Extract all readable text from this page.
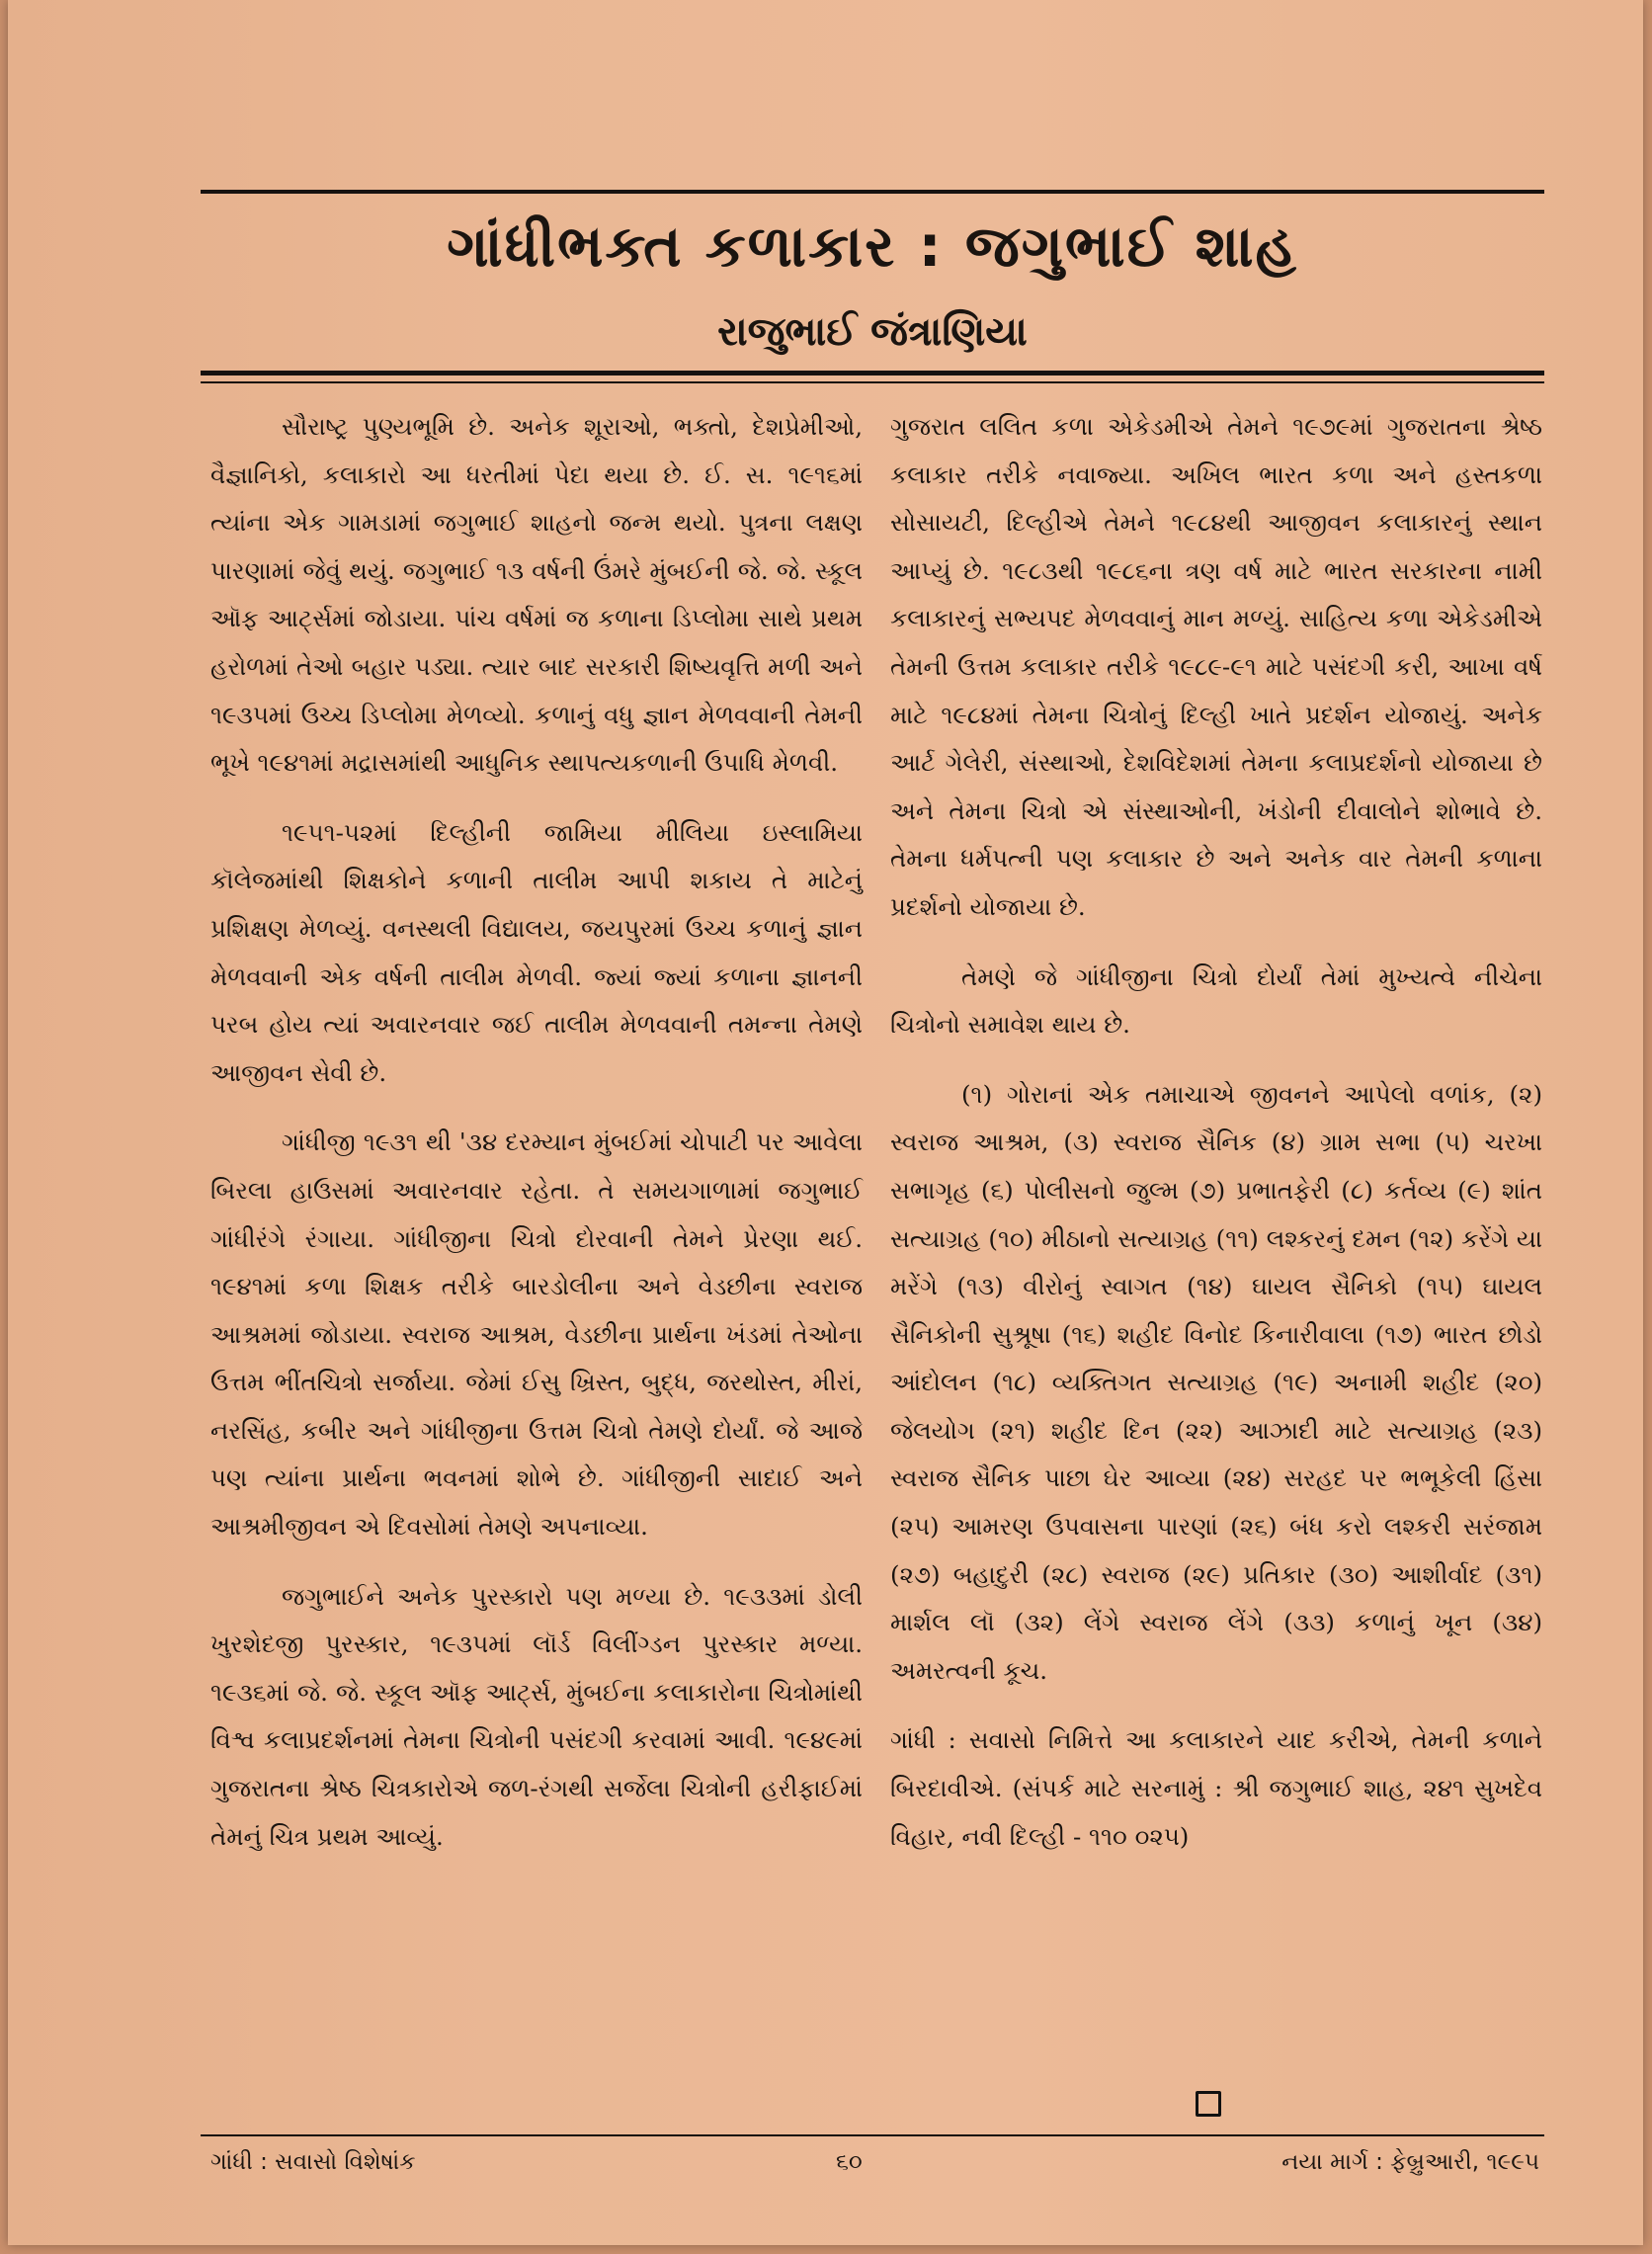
ગાંધીભક્ત કળાકાર : જગુભાઈ શાહ
રાજુભાઈ જંત્રાણિયા

સૌરાષ્ટ્ર પુણ્યભૂમિ છે. અનેક શૂરાઓ, ભક્તો, દેશપ્રેમીઓ, વૈજ્ઞાનિકો, કલાકારો આ ધરતીમાં પેદા થયા છે. ઈ. સ. ૧૯૧૬માં ત્યાંના એક ગામડામાં જગુભાઈ શાહનો જન્મ થયો. પુત્રના લક્ષણ પારણામાં જેવું થયું. જગુભાઈ ૧૩ વર્ષની ઉંમરે મુંબઈની જે. જે. સ્કૂલ ઑફ આર્ટ્સમાં જોડાયા. પાંચ વર્ષમાં જ કળાના ડિપ્લોમા સાથે પ્રથમ હરોળમાં તેઓ બહાર પડ્યા. ત્યાર બાદ સરકારી શિષ્યવૃત્તિ મળી અને ૧૯૩૫માં ઉચ્ચ ડિપ્લોમા મેળવ્યો. કળાનું વધુ જ્ઞાન મેળવવાની તેમની ભૂખે ૧૯૪૧માં મદ્રાસમાંથી આધુનિક સ્થાપત્યકળાની ઉપાધિ મેળવી.

૧૯૫૧-૫૨માં દિલ્હીની જામિયા મીલિયા ઇસ્લામિયા કૉલેજમાંથી શિક્ષકોને કળાની તાલીમ આપી શકાય તે માટેનું પ્રશિક્ષણ મેળવ્યું. વનસ્થલી વિદ્યાલય, જયપુરમાં ઉચ્ચ કળાનું જ્ઞાન મેળવવાની એક વર્ષની તાલીમ મેળવી. જ્યાં જ્યાં કળાના જ્ઞાનની પરબ હોય ત્યાં અવારનવાર જઈ તાલીમ મેળવવાની તમન્ના તેમણે આજીવન સેવી છે.

ગાંધીજી ૧૯૩૧ થી '૩૪ દરમ્યાન મુંબઈમાં ચોપાટી પર આવેલા બિરલા હાઉસમાં અવારનવાર રહેતા. તે સમયગાળામાં જગુભાઈ ગાંધીરંગે રંગાયા. ગાંધીજીના ચિત્રો દોરવાની તેમને પ્રેરણા થઈ. ૧૯૪૧માં કળા શિક્ષક તરીકે બારડોલીના અને વેડછીના સ્વરાજ આશ્રમમાં જોડાયા. સ્વરાજ આશ્રમ, વેડછીના પ્રાર્થના ખંડમાં તેઓના ઉત્તમ ભીંતચિત્રો સર્જાયા. જેમાં ઈસુ ખ્રિસ્ત, બુદ્ધ, જરથોસ્ત, મીરાં, નરસિંહ, કબીર અને ગાંધીજીના ઉત્તમ ચિત્રો તેમણે દોર્યાં. જે આજે પણ ત્યાંના પ્રાર્થના ભવનમાં શોભે છે. ગાંધીજીની સાદાઈ અને આશ્રમીજીવન એ દિવસોમાં તેમણે અપનાવ્યા.

જગુભાઈને અનેક પુરસ્કારો પણ મળ્યા છે. ૧૯૩૩માં ડોલી ખુરશેદજી પુરસ્કાર, ૧૯૩૫માં લૉર્ડ વિલીંગ્ડન પુરસ્કાર મળ્યા. ૧૯૩૬માં જે. જે. સ્કૂલ ઑફ આર્ટ્સ, મુંબઈના કલાકારોના ચિત્રોમાંથી વિશ્વ કલાપ્રદર્શનમાં તેમના ચિત્રોની પસંદગી કરવામાં આવી. ૧૯૪૯માં ગુજરાતના શ્રેષ્ઠ ચિત્રકારોએ જળ-રંગથી સર્જેલા ચિત્રોની હરીફાઈમાં તેમનું ચિત્ર પ્રથમ આવ્યું.

ગુજરાત લલિત કળા એકેડમીએ તેમને ૧૯૭૯માં ગુજરાતના શ્રેષ્ઠ કલાકાર તરીકે નવાજ્યા. અખિલ ભારત કળા અને હસ્તકળા સોસાયટી, દિલ્હીએ તેમને ૧૯૮૪થી આજીવન કલાકારનું સ્થાન આપ્યું છે. ૧૯૮૩થી ૧૯૮૬ના ત્રણ વર્ષ માટે ભારત સરકારના નામી કલાકારનું સભ્યપદ મેળવવાનું માન મળ્યું. સાહિત્ય કળા એકેડમીએ તેમની ઉત્તમ કલાકાર તરીકે ૧૯૮૯-૯૧ માટે પસંદગી કરી, આખા વર્ષ માટે ૧૯૮૪માં તેમના ચિત્રોનું દિલ્હી ખાતે પ્રદર્શન યોજાયું. અનેક આર્ટ ગેલેરી, સંસ્થાઓ, દેશવિદેશમાં તેમના કલાપ્રદર્શનો યોજાયા છે અને તેમના ચિત્રો એ સંસ્થાઓની, ખંડોની દીવાલોને શોભાવે છે. તેમના ધર્મપત્ની પણ કલાકાર છે અને અનેક વાર તેમની કળાના પ્રદર્શનો યોજાયા છે.

તેમણે જે ગાંધીજીના ચિત્રો દોર્યાં તેમાં મુખ્યત્વે નીચેના ચિત્રોનો સમાવેશ થાય છે.

(૧) ગોરાનાં એક તમાચાએ જીવનને આપેલો વળાંક, (૨) સ્વરાજ આશ્રમ, (૩) સ્વરાજ સૈનિક (૪) ગ્રામ સભા (૫) ચરખા સભાગૃહ (૬) પોલીસનો જુલ્મ (૭) પ્રભાતફેરી (૮) કર્તવ્ય (૯) શાંત સત્યાગ્રહ (૧૦) મીઠાનો સત્યાગ્રહ (૧૧) લશ્કરનું દમન (૧૨) કરેંગે યા મરેંગે (૧૩) વીરોનું સ્વાગત (૧૪) ઘાયલ સૈનિકો (૧૫) ઘાયલ સૈનિકોની સુશ્રૂષા (૧૬) શહીદ વિનોદ કિનારીવાલા (૧૭) ભારત છોડો આંદોલન (૧૮) વ્યક્તિગત સત્યાગ્રહ (૧૯) અનામી શહીદ (૨૦) જેલયોગ (૨૧) શહીદ દિન (૨૨) આઝાદી માટે સત્યાગ્રહ (૨૩) સ્વરાજ સૈનિક પાછા ઘેર આવ્યા (૨૪) સરહદ પર ભભૂકેલી હિંસા (૨૫) આમરણ ઉપવાસના પારણાં (૨૬) બંધ કરો લશ્કરી સરંજામ (૨૭) બહાદુરી (૨૮) સ્વરાજ (૨૯) પ્રતિકાર (૩૦) આશીર્વાદ (૩૧) માર્શલ લૉ (૩૨) લેંગે સ્વરાજ લેંગે (૩૩) કળાનું ખૂન (૩૪) અમરત્વની કૂચ.

ગાંધી : સવાસો નિમિત્તે આ કલાકારને યાદ કરીએ, તેમની કળાને બિરદાવીએ. (સંપર્ક માટે સરનામું : શ્રી જગુભાઈ શાહ, ૨૪૧ સુખદેવ વિહાર, નવી દિલ્હી - ૧૧૦ ૦૨૫)

ગાંધી : સવાસો વિશેષાંક	૬૦	નયા માર્ગ : ફેબ્રુઆરી, ૧૯૯૫
